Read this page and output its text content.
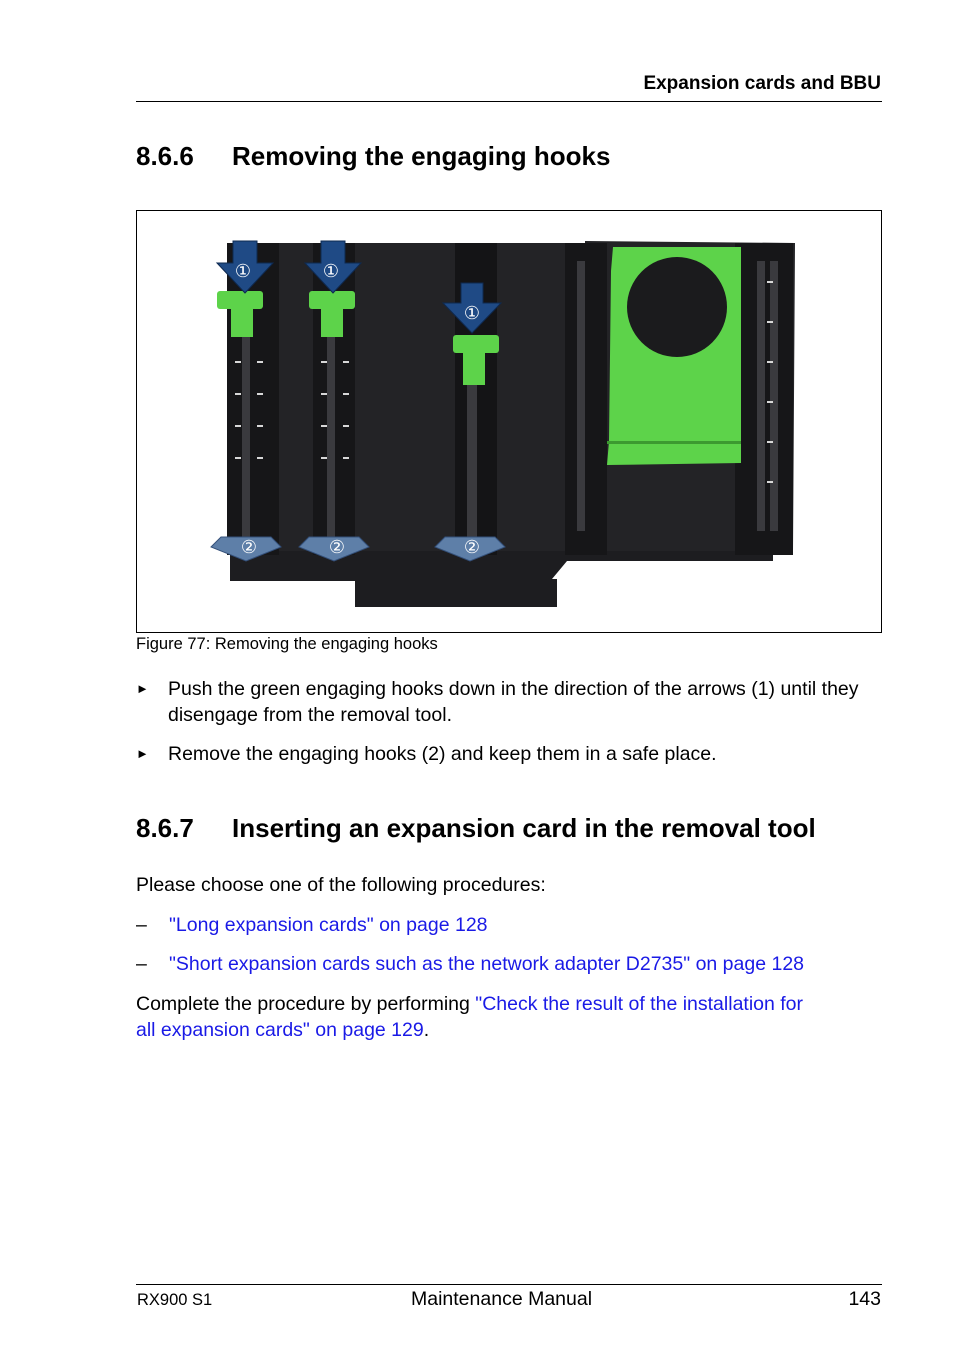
Expansion cards and BBU
8.6.6 Removing the engaging hooks
①	①
①
②	②	②
Figure 77: Removing the engaging hooks
► Push the green engaging hooks down in the direction of the arrows (1) until they disengage from the removal tool.
► Remove the engaging hooks (2) and keep them in a safe place.
8.6.7 Inserting an expansion card in the removal tool
Please choose one of the following procedures:
– "Long expansion cards" on page 128
– "Short expansion cards such as the network adapter D2735" on page 128
Complete the procedure by performing "Check the result of the installation for
all expansion cards" on page 129.
RX900 S1	Maintenance Manual	143
